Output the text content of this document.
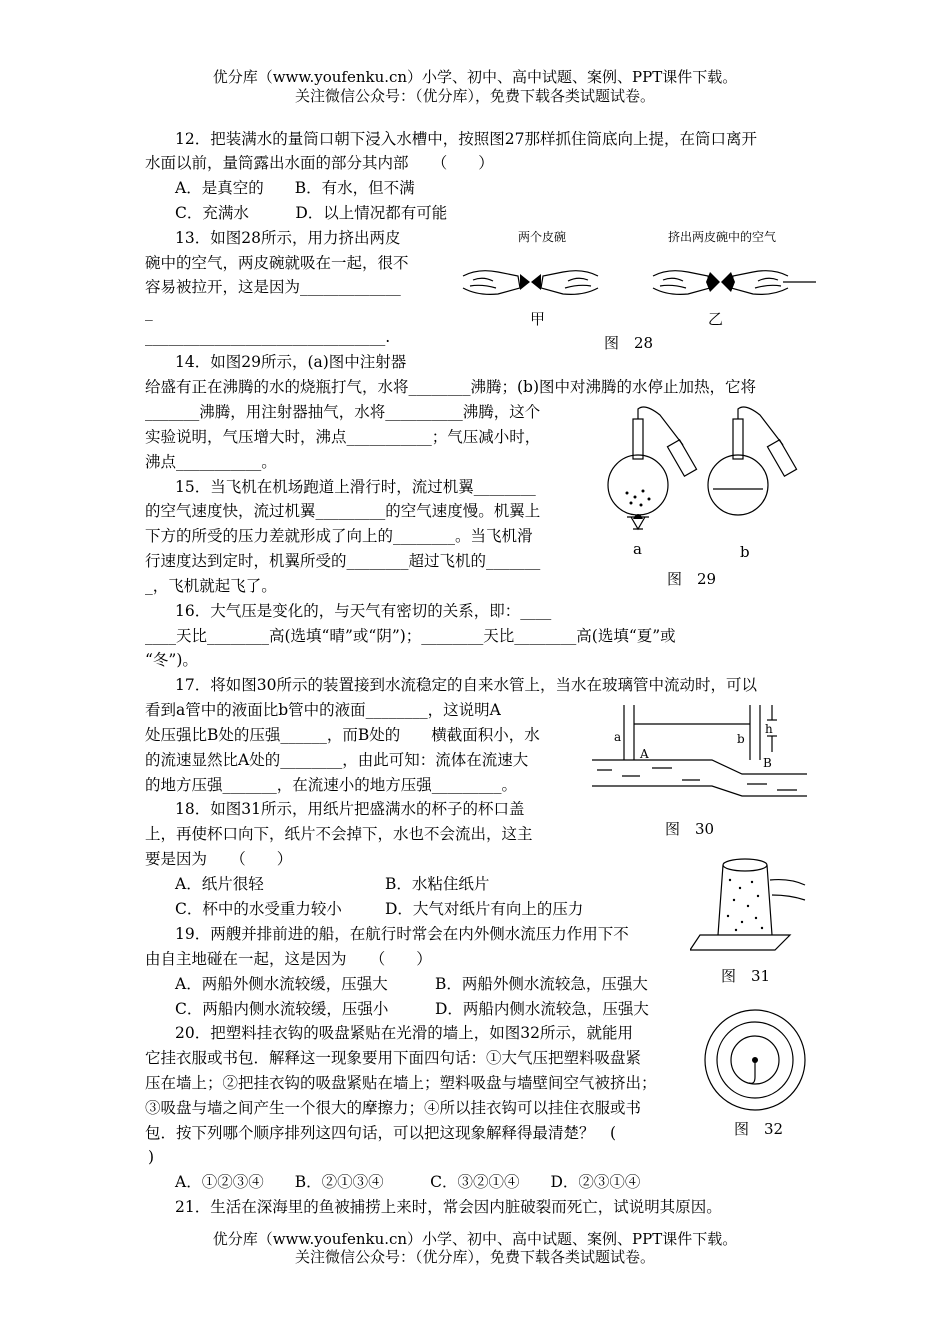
优分库（www.youfenku.cn）小学、初中、高中试题、案例、PPT课件下载。
关注微信公众号：（优分库），免费下载各类试题试卷。
12．把装满水的量筒口朝下浸入水槽中，按照图27那样抓住筒底向上提，在筒口离开
水面以前，量筒露出水面的部分其内部　　（　　）
A．是真空的　　B．有水，但不满
C．充满水　　　D．以上情况都有可能
13．如图28所示，用力挤出两皮
碗中的空气，两皮碗就吸在一起，很不
容易被拉开，这是因为_____________
_
_______________________________.
两个皮碗	挤出两皮碗中的空气
甲	乙
图　28
14．如图29所示，(a)图中注射器
给盛有正在沸腾的水的烧瓶打气，水将________沸腾；(b)图中对沸腾的水停止加热，它将
_______沸腾，用注射器抽气，水将__________沸腾，这个
实验说明，气压增大时，沸点___________；气压减小时，
沸点___________。
a	b
图　29
15．当飞机在机场跑道上滑行时，流过机翼________
的空气速度快，流过机翼_________的空气速度慢。机翼上
下方的所受的压力差就形成了向上的________。当飞机滑
行速度达到定时，机翼所受的________超过飞机的_______
_，飞机就起飞了。
16．大气压是变化的，与天气有密切的关系，即：____
____天比________高(选填“晴”或“阴”)；________天比________高(选填“夏”或
“冬”)。
17．将如图30所示的装置接到水流稳定的自来水管上，当水在玻璃管中流动时，可以
看到a管中的液面比b管中的液面________，这说明A
处压强比B处的压强______，而B处的　　横截面积小，水
的流速显然比A处的________，由此可知：流体在流速大
的地方压强_______，在流速小的地方压强_________。
a	b
h
A
B
图　30
18．如图31所示，用纸片把盛满水的杯子的杯口盖
上，再使杯口向下，纸片不会掉下，水也不会流出，这主
要是因为　　（　　）
A．纸片很轻	B．水粘住纸片
C．杯中的水受重力较小	D．大气对纸片有向上的压力
图　31
19．两艘并排前进的船，在航行时常会在内外侧水流压力作用下不
由自主地碰在一起，这是因为　　（　　）
A．两船外侧水流较缓，压强大	B．两船外侧水流较急，压强大
C．两船内侧水流较缓，压强小	D．两船内侧水流较急，压强大
图　32
20．把塑料挂衣钩的吸盘紧贴在光滑的墙上，如图32所示，就能用
它挂衣服或书包．解释这一现象要用下面四句话：①大气压把塑料吸盘紧
压在墙上；②把挂衣钩的吸盘紧贴在墙上；塑料吸盘与墙壁间空气被挤出；
③吸盘与墙之间产生一个很大的摩擦力；④所以挂衣钩可以挂住衣服或书
包．按下列哪个顺序排列这四句话，可以把这现象解释得最清楚？　(
)
A．①②③④　　B．②①③④　　　C．③②①④　　D．②③①④
21．生活在深海里的鱼被捕捞上来时，常会因内脏破裂而死亡，试说明其原因。
优分库（www.youfenku.cn）小学、初中、高中试题、案例、PPT课件下载。
关注微信公众号：（优分库），免费下载各类试题试卷。
